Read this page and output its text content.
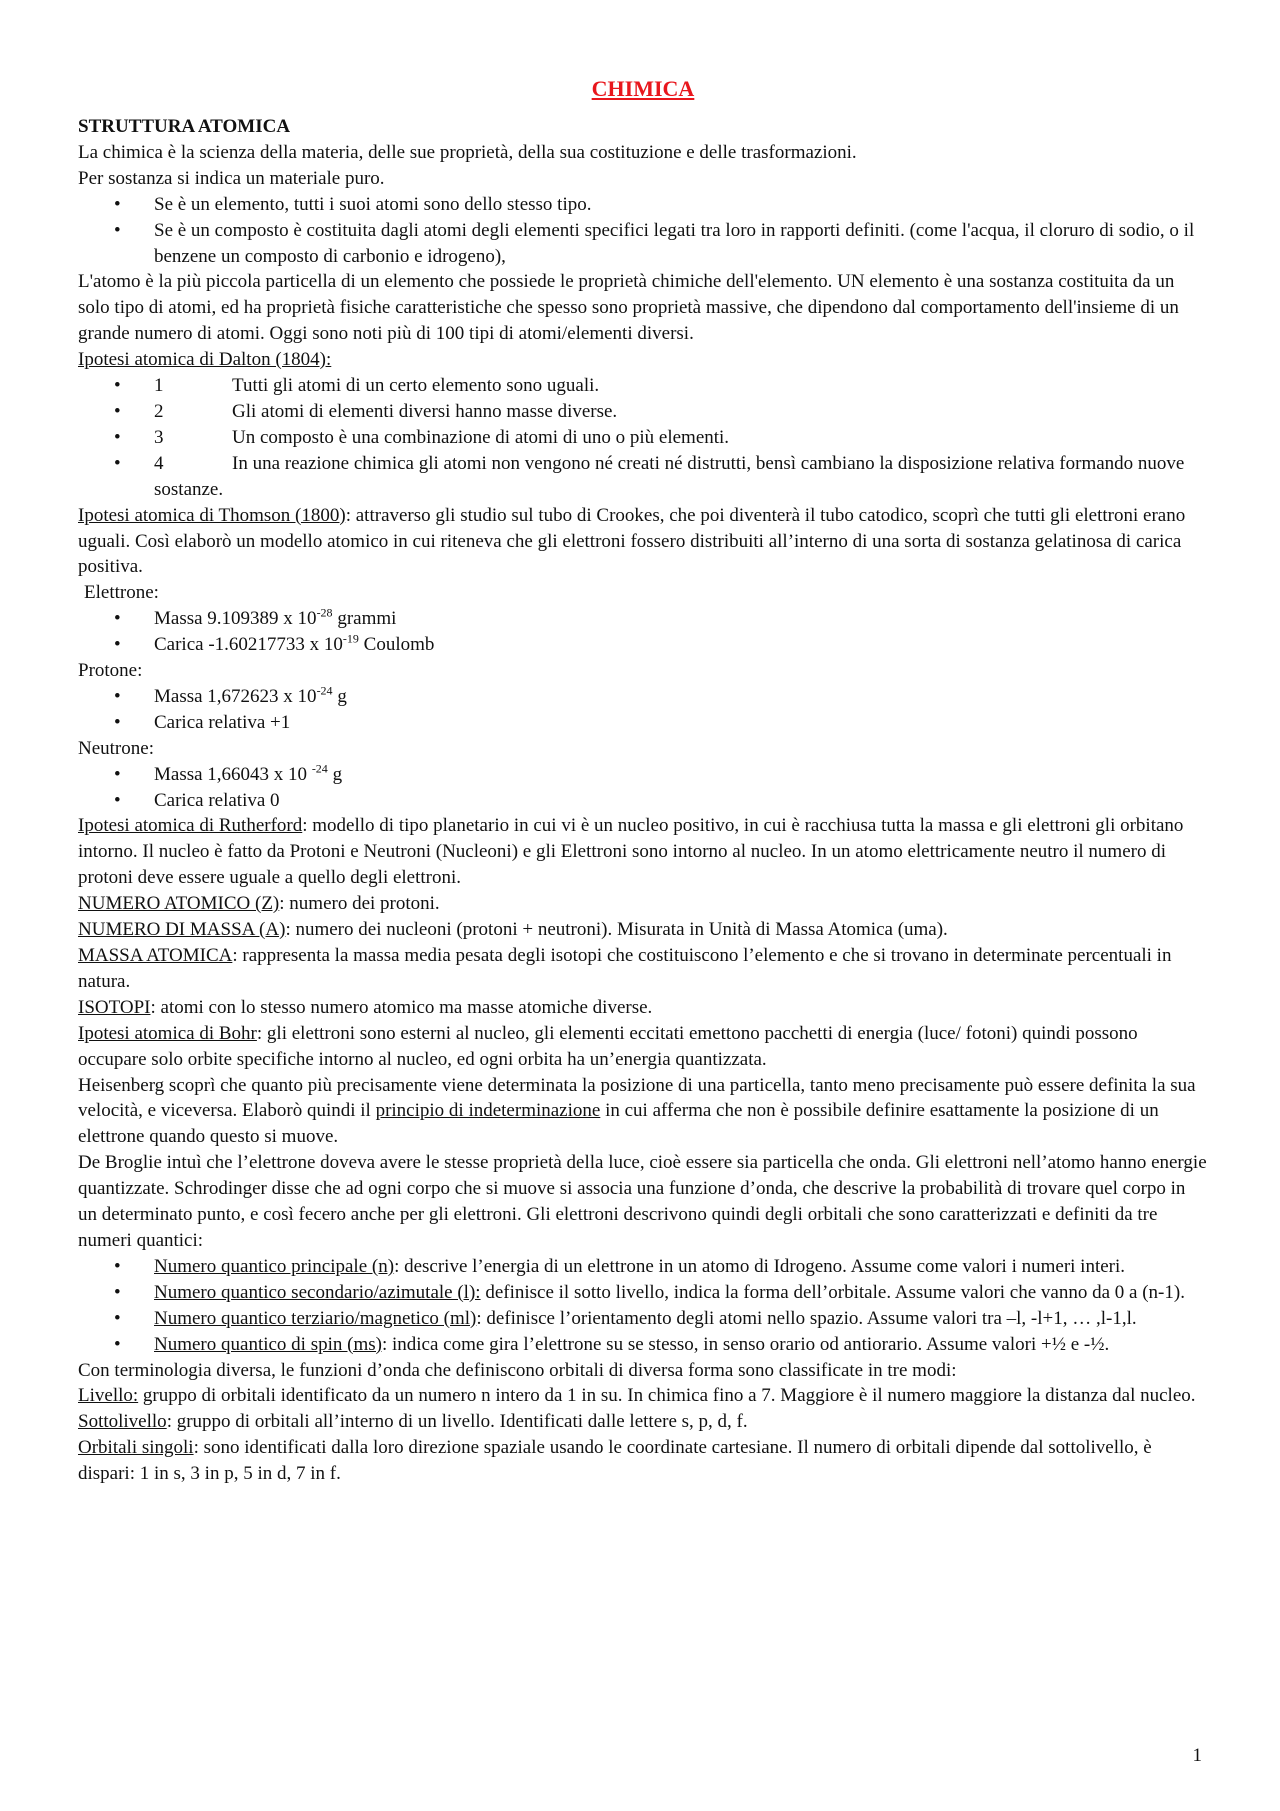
CHIMICA

STRUTTURA ATOMICA

La chimica è la scienza della materia, delle sue proprietà, della sua costituzione e delle trasformazioni.

Per sostanza si indica un materiale puro.

• Se è un elemento, tutti i suoi atomi sono dello stesso tipo.
• Se è un composto è costituita dagli atomi degli elementi specifici legati tra loro in rapporti definiti. (come l'acqua, il cloruro di sodio, o il benzene un composto di carbonio e idrogeno),

L'atomo è la più piccola particella di un elemento che possiede le proprietà chimiche dell'elemento. UN elemento è una sostanza costituita da un solo tipo di atomi, ed ha proprietà fisiche caratteristiche che spesso sono proprietà massive, che dipendono dal comportamento dell'insieme di un grande numero di atomi. Oggi sono noti più di 100 tipi di atomi/elementi diversi.

Ipotesi atomica di Dalton (1804):

• 1	Tutti gli atomi di un certo elemento sono uguali.
• 2	Gli atomi di elementi diversi hanno masse diverse.
• 3	Un composto è una combinazione di atomi di uno o più elementi.
• 4	In una reazione chimica gli atomi non vengono né creati né distrutti, bensì cambiano la disposizione relativa formando nuove sostanze.

Ipotesi atomica di Thomson (1800): attraverso gli studio sul tubo di Crookes, che poi diventerà il tubo catodico, scoprì che tutti gli elettroni erano uguali. Così elaborò un modello atomico in cui riteneva che gli elettroni fossero distribuiti all’interno di una sorta di sostanza gelatinosa di carica positiva.

Elettrone:

• Massa 9.109389 x $10^{-28}$ grammi
• Carica -1.60217733 x $10^{-19}$ Coulomb

Protone:

• Massa 1,672623 x $10^{-24}$ g
• Carica relativa +1

Neutrone:

• Massa 1,66043 x 10 $^{-24}$ g
• Carica relativa 0

Ipotesi atomica di Rutherford: modello di tipo planetario in cui vi è un nucleo positivo, in cui è racchiusa tutta la massa e gli elettroni gli orbitano intorno. Il nucleo è fatto da Protoni e Neutroni (Nucleoni) e gli Elettroni sono intorno al nucleo. In un atomo elettricamente neutro il numero di protoni deve essere uguale a quello degli elettroni.

NUMERO ATOMICO (Z): numero dei protoni.

NUMERO DI MASSA (A): numero dei nucleoni (protoni + neutroni). Misurata in Unità di Massa Atomica (uma).

MASSA ATOMICA: rappresenta la massa media pesata degli isotopi che costituiscono l’elemento e che si trovano in determinate percentuali in natura.

ISOTOPI: atomi con lo stesso numero atomico ma masse atomiche diverse.

Ipotesi atomica di Bohr: gli elettroni sono esterni al nucleo, gli elementi eccitati emettono pacchetti di energia (luce/ fotoni) quindi possono occupare solo orbite specifiche intorno al nucleo, ed ogni orbita ha un’energia quantizzata.

Heisenberg scoprì che quanto più precisamente viene determinata la posizione di una particella, tanto meno precisamente può essere definita la sua velocità, e viceversa. Elaborò quindi il principio di indeterminazione in cui afferma che non è possibile definire esattamente la posizione di un elettrone quando questo si muove.

De Broglie intuì che l’elettrone doveva avere le stesse proprietà della luce, cioè essere sia particella che onda. Gli elettroni nell’atomo hanno energie quantizzate. Schrodinger disse che ad ogni corpo che si muove si associa una funzione d’onda, che descrive la probabilità di trovare quel corpo in un determinato punto, e così fecero anche per gli elettroni. Gli elettroni descrivono quindi degli orbitali che sono caratterizzati e definiti da tre numeri quantici:

• Numero quantico principale (n): descrive l’energia di un elettrone in un atomo di Idrogeno. Assume come valori i numeri interi.
• Numero quantico secondario/azimutale (l): definisce il sotto livello, indica la forma dell’orbitale. Assume valori che vanno da 0 a (n-1).
• Numero quantico terziario/magnetico (ml): definisce l’orientamento degli atomi nello spazio. Assume valori tra –l, -l+1, … ,l-1,l.
• Numero quantico di spin (ms): indica come gira l’elettrone su se stesso, in senso orario od antiorario. Assume valori +½ e -½.

Con terminologia diversa, le funzioni d’onda che definiscono orbitali di diversa forma sono classificate in tre modi:

Livello: gruppo di orbitali identificato da un numero n intero da 1 in su. In chimica fino a 7. Maggiore è il numero maggiore la distanza dal nucleo.

Sottolivello: gruppo di orbitali all’interno di un livello. Identificati dalle lettere s, p, d, f.

Orbitali singoli: sono identificati dalla loro direzione spaziale usando le coordinate cartesiane. Il numero di orbitali dipende dal sottolivello, è dispari: 1 in s, 3 in p, 5 in d, 7 in f.

1
